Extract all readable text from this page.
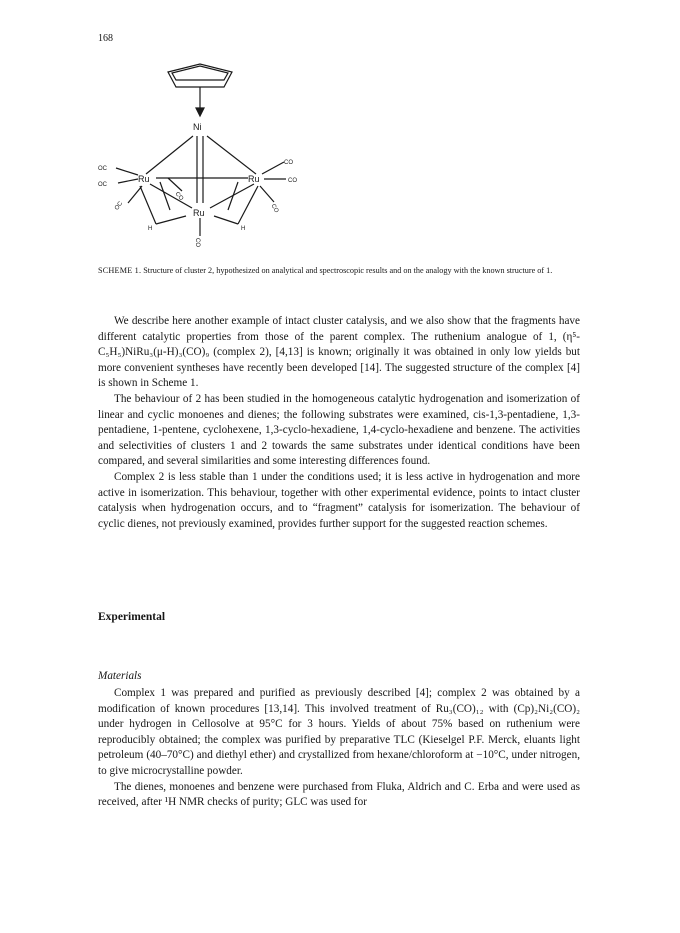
168
Ni
Ru	Ru
Ru
H	H
OC
OC
OC
CO
CO
CO
CO
CO
SCHEME 1. Structure of cluster 2, hypothesized on analytical and spectroscopic results and on the analogy with the known structure of 1.

We describe here another example of intact cluster catalysis, and we also show that the fragments have different catalytic properties from those of the parent complex. The ruthenium analogue of 1, (η⁵-C₅H₅)NiRu₃(μ-H)₃(CO)₉ (complex 2), [4,13] is known; originally it was obtained in only low yields but more convenient syntheses have recently been developed [14]. The suggested structure of the complex [4] is shown in Scheme 1.

The behaviour of 2 has been studied in the homogeneous catalytic hydrogenation and isomerization of linear and cyclic monoenes and dienes; the following substrates were examined, cis-1,3-pentadiene, 1,3-pentadiene, 1-pentene, cyclohexene, 1,3-cyclo-hexadiene, 1,4-cyclo-hexadiene and benzene. The activities and selectivities of clusters 1 and 2 towards the same substrates under identical conditions have been compared, and several similarities and some interesting differences found.

Complex 2 is less stable than 1 under the conditions used; it is less active in hydrogenation and more active in isomerization. This behaviour, together with other experimental evidence, points to intact cluster catalysis when hydrogenation occurs, and to “fragment” catalysis for isomerization. The behaviour of cyclic dienes, not previously examined, provides further support for the suggested reaction schemes.

Experimental
Materials

Complex 1 was prepared and purified as previously described [4]; complex 2 was obtained by a modification of known procedures [13,14]. This involved treatment of Ru₃(CO)₁₂ with (Cp)₂Ni₂(CO)₂ under hydrogen in Cellosolve at 95°C for 3 hours. Yields of about 75% based on ruthenium were reproducibly obtained; the complex was purified by preparative TLC (Kieselgel P.F. Merck, eluants light petroleum (40–70°C) and diethyl ether) and crystallized from hexane/chloroform at −10°C, under nitrogen, to give microcrystalline powder.

The dienes, monoenes and benzene were purchased from Fluka, Aldrich and C. Erba and were used as received, after ¹H NMR checks of purity; GLC was used for
